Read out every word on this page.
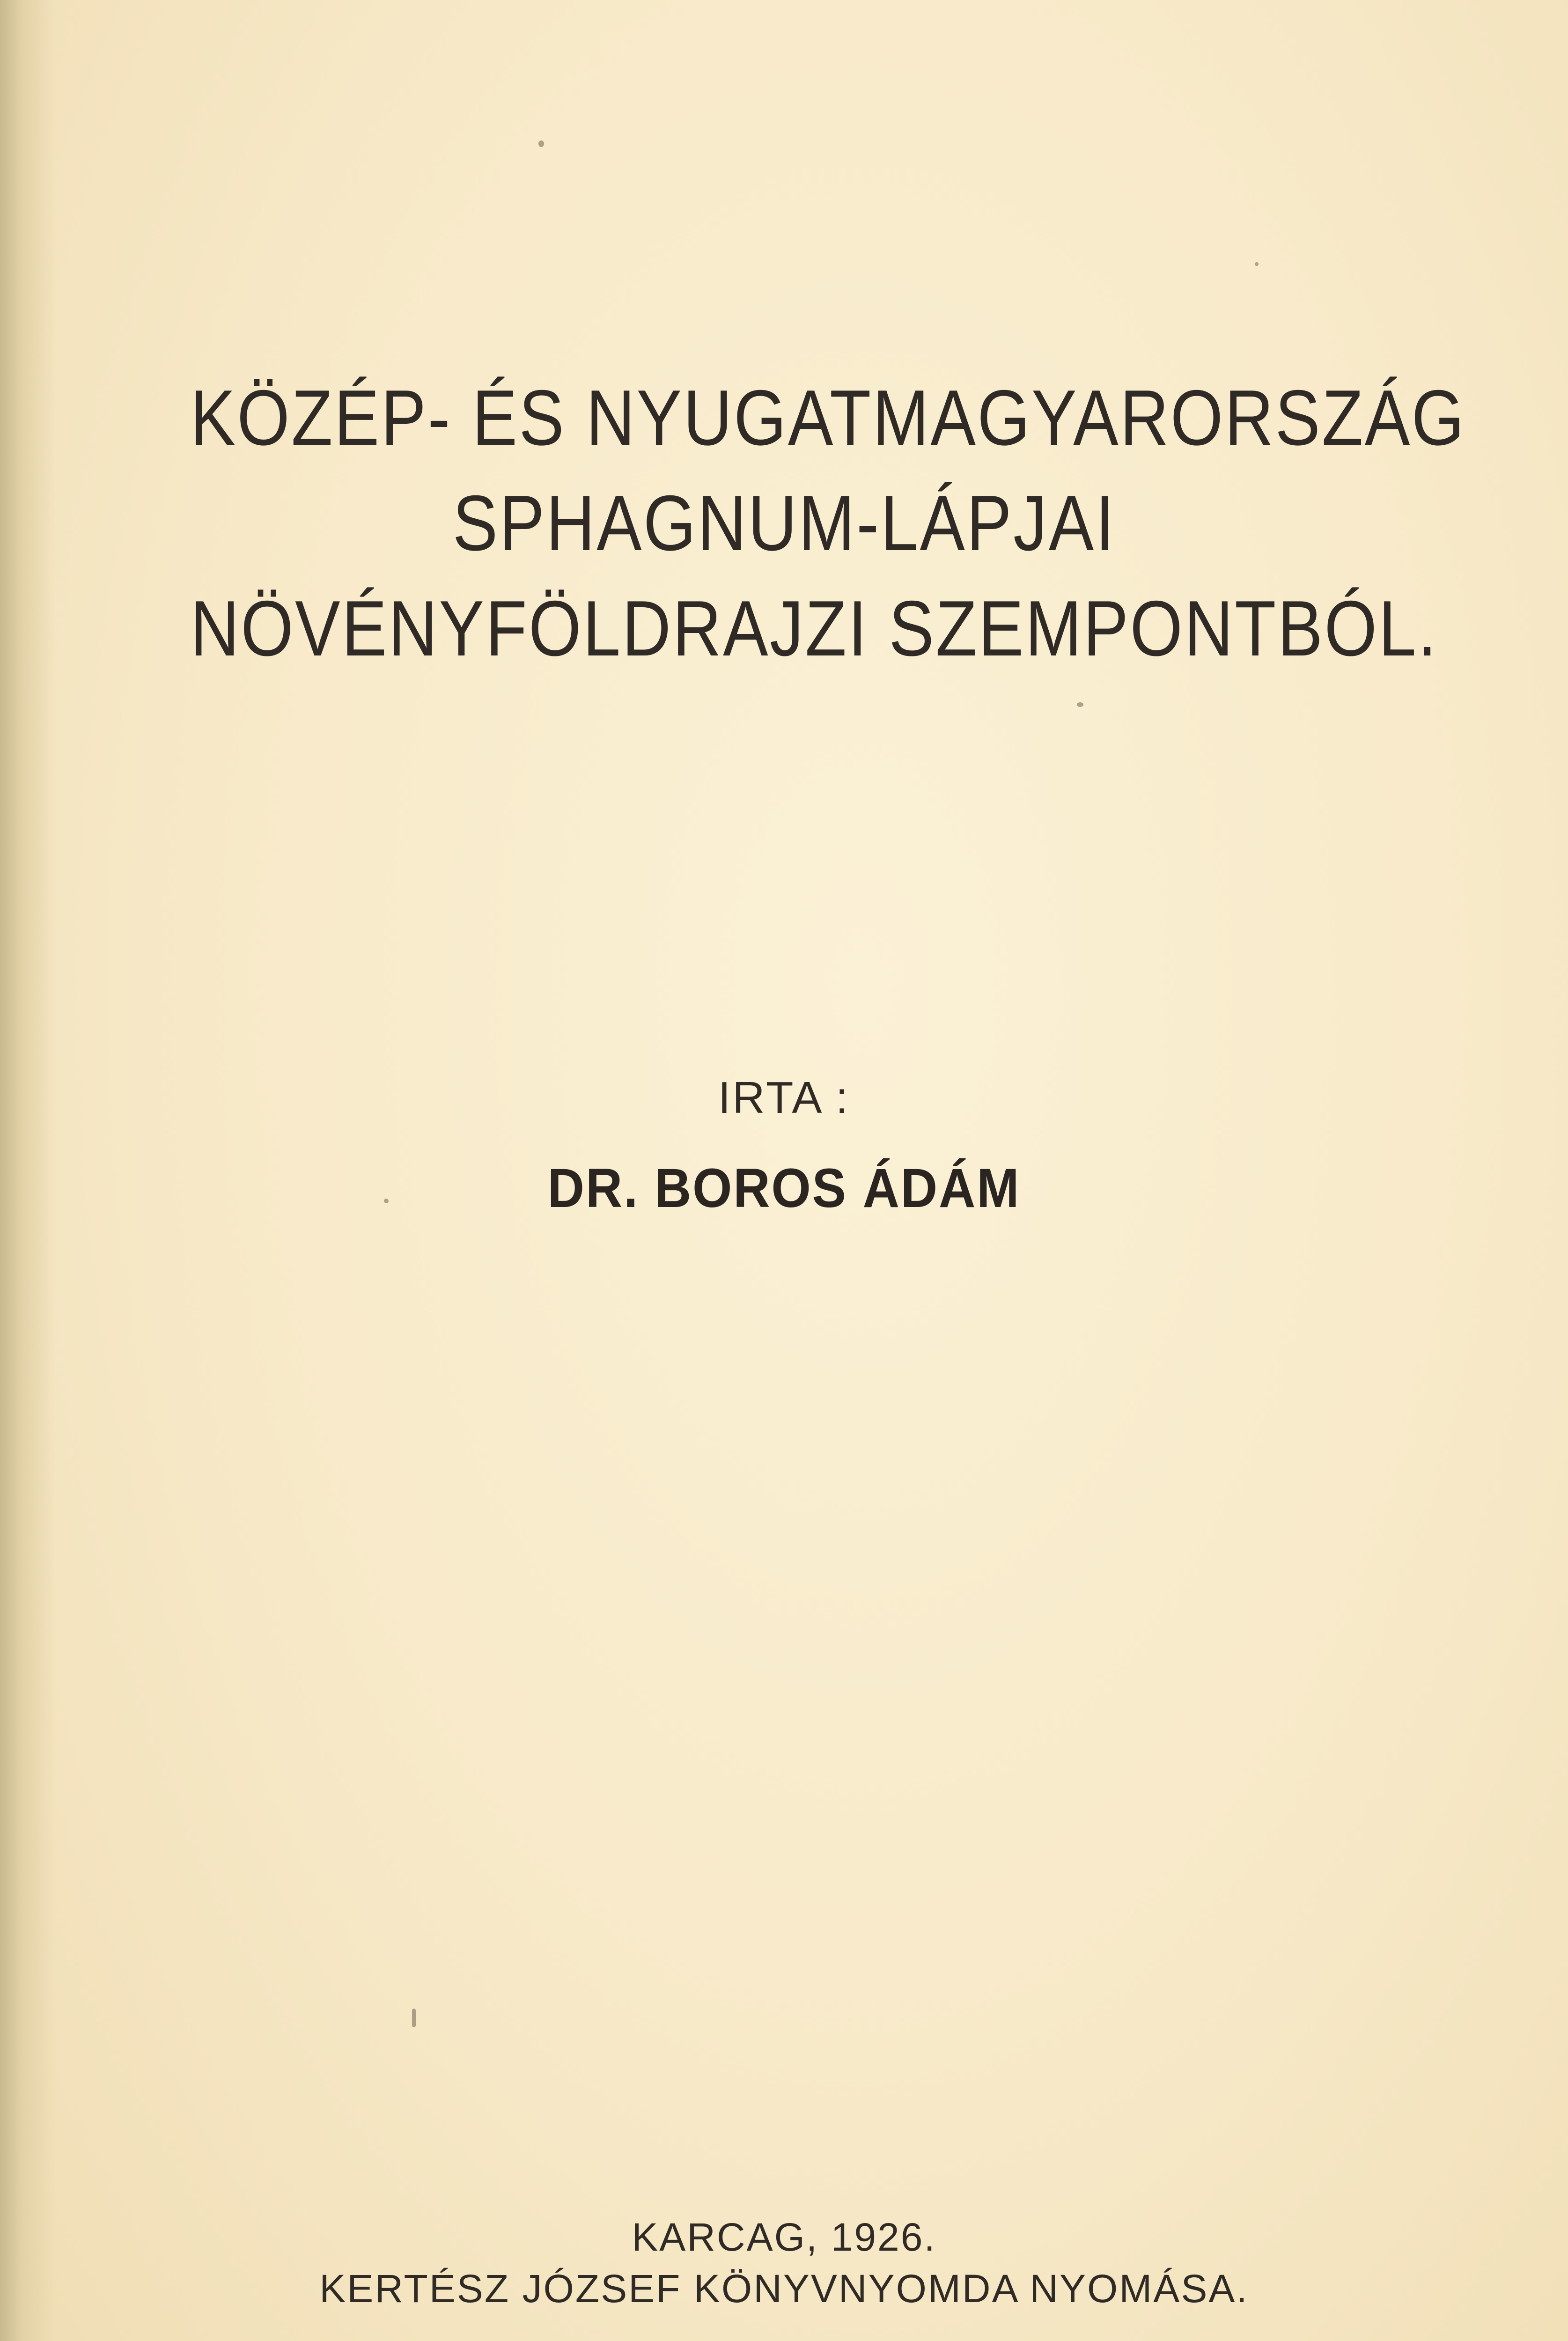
KÖZÉP- ÉS NYUGATMAGYARORSZÁG
SPHAGNUM-LÁPJAI
NÖVÉNYFÖLDRAJZI SZEMPONTBÓL.
IRTA :
DR. BOROS ÁDÁM
KARCAG, 1926.
KERTÉSZ JÓZSEF KÖNYVNYOMDA NYOMÁSA.
